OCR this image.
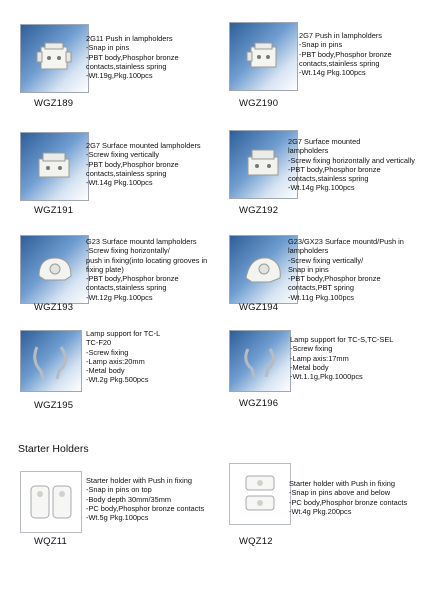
2G11 Push in lampholders
-Snap in pins
-PBT body,Phosphor bronze
contacts,stainless spring
-Wt.19g,Pkg.100pcs
WGZ189
2G7 Push in lampholders
-Snap in pins
-PBT body,Phosphor bronze
contacts,stainless spring
-Wt.14g Pkg.100pcs
WGZ190
2G7 Surface mounted lampholders
-Screw fixing vertically
-PBT body,Phosphor bronze
contacts,stainless spring
-Wt.14g Pkg.100pcs
WGZ191
2G7 Surface mounted
lampholders
-Screw fixing horizontally and vertically
-PBT body,Phosphor bronze
contacts,stainless spring
-Wt.14g Pkg.100pcs
WGZ192
G23 Surface mountd lampholders
-Screw fixing horizontally/
push in fixing(into locating grooves in
fixing plate)
-PBT body,Phosphor bronze
contacts,stainless spring
-Wt.12g Pkg.100pcs
WGZ193
G23/GX23 Surface mountd/Push in
lampholders
-Screw fixing vertically/
Snap in pins
-PBT body,Phosphor bronze
contacts,PBT spring
-Wt.11g Pkg.100pcs
WGZ194
Lamp support for TC-L
TC-F20
-Screw fixing
-Lamp axis:20mm
-Metal body
-Wt.2g Pkg.500pcs
WGZ195
Lamp support for TC-S,TC-SEL
-Screw fixing
-Lamp axis:17mm
-Metal body
-Wt.1.1g,Pkg.1000pcs
WGZ196
Starter Holders
Starter holder with Push in fixing
-Snap in pins on top
-Body depth 30mm/35mm
-PC body,Phosphor bronze contacts
-Wt.5g Pkg.100pcs
WQZ11
Starter holder with Push in fixing
-Snap in pins above and below
-PC body,Phosphor bronze contacts
-Wt.4g Pkg.200pcs
WQZ12
